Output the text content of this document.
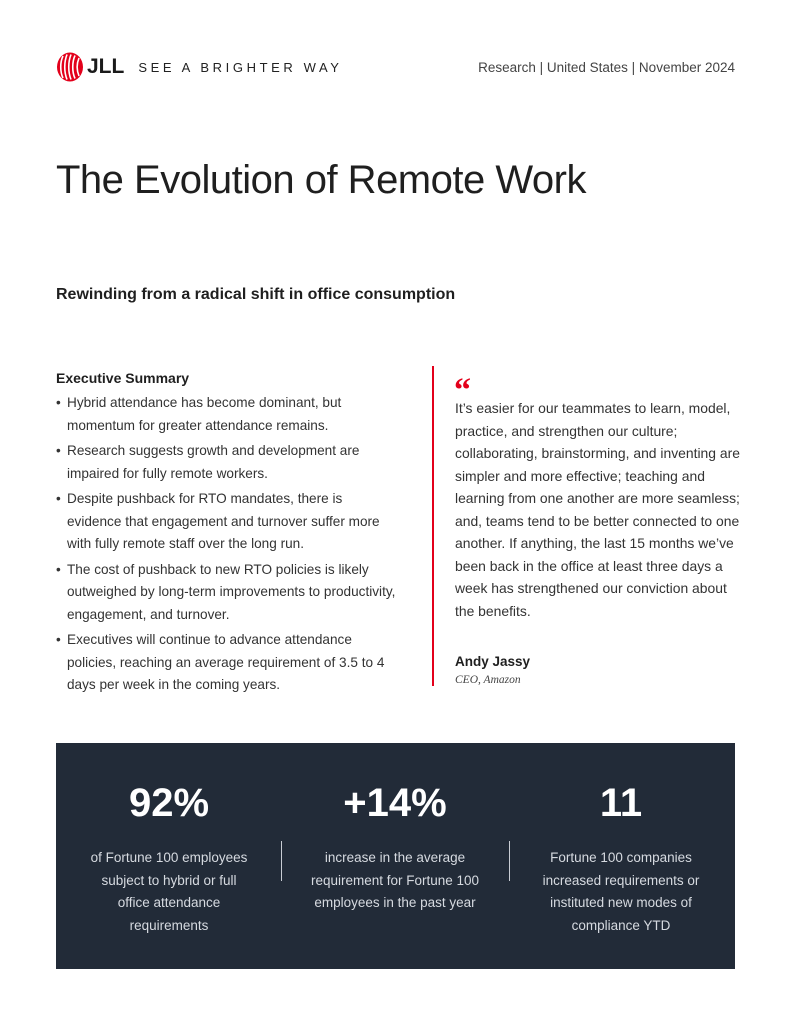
JLL SEE A BRIGHTER WAY	Research | United States | November 2024
The Evolution of Remote Work
Rewinding from a radical shift in office consumption
Executive Summary
• Hybrid attendance has become dominant, but momentum for greater attendance remains.
• Research suggests growth and development are impaired for fully remote workers.
• Despite pushback for RTO mandates, there is evidence that engagement and turnover suffer more with fully remote staff over the long run.
• The cost of pushback to new RTO policies is likely outweighed by long-term improvements to productivity, engagement, and turnover.
• Executives will continue to advance attendance policies, reaching an average requirement of 3.5 to 4 days per week in the coming years.
“

It’s easier for our teammates to learn, model, practice, and strengthen our culture; collaborating, brainstorming, and inventing are simpler and more effective; teaching and learning from one another are more seamless; and, teams tend to be better connected to one another. If anything, the last 15 months we’ve been back in the office at least three days a week has strengthened our conviction about the benefits.

Andy Jassy
CEO, Amazon
92%
of Fortune 100 employees subject to hybrid or full office attendance requirements
+14%
increase in the average requirement for Fortune 100 employees in the past year
11
Fortune 100 companies increased requirements or instituted new modes of compliance YTD
